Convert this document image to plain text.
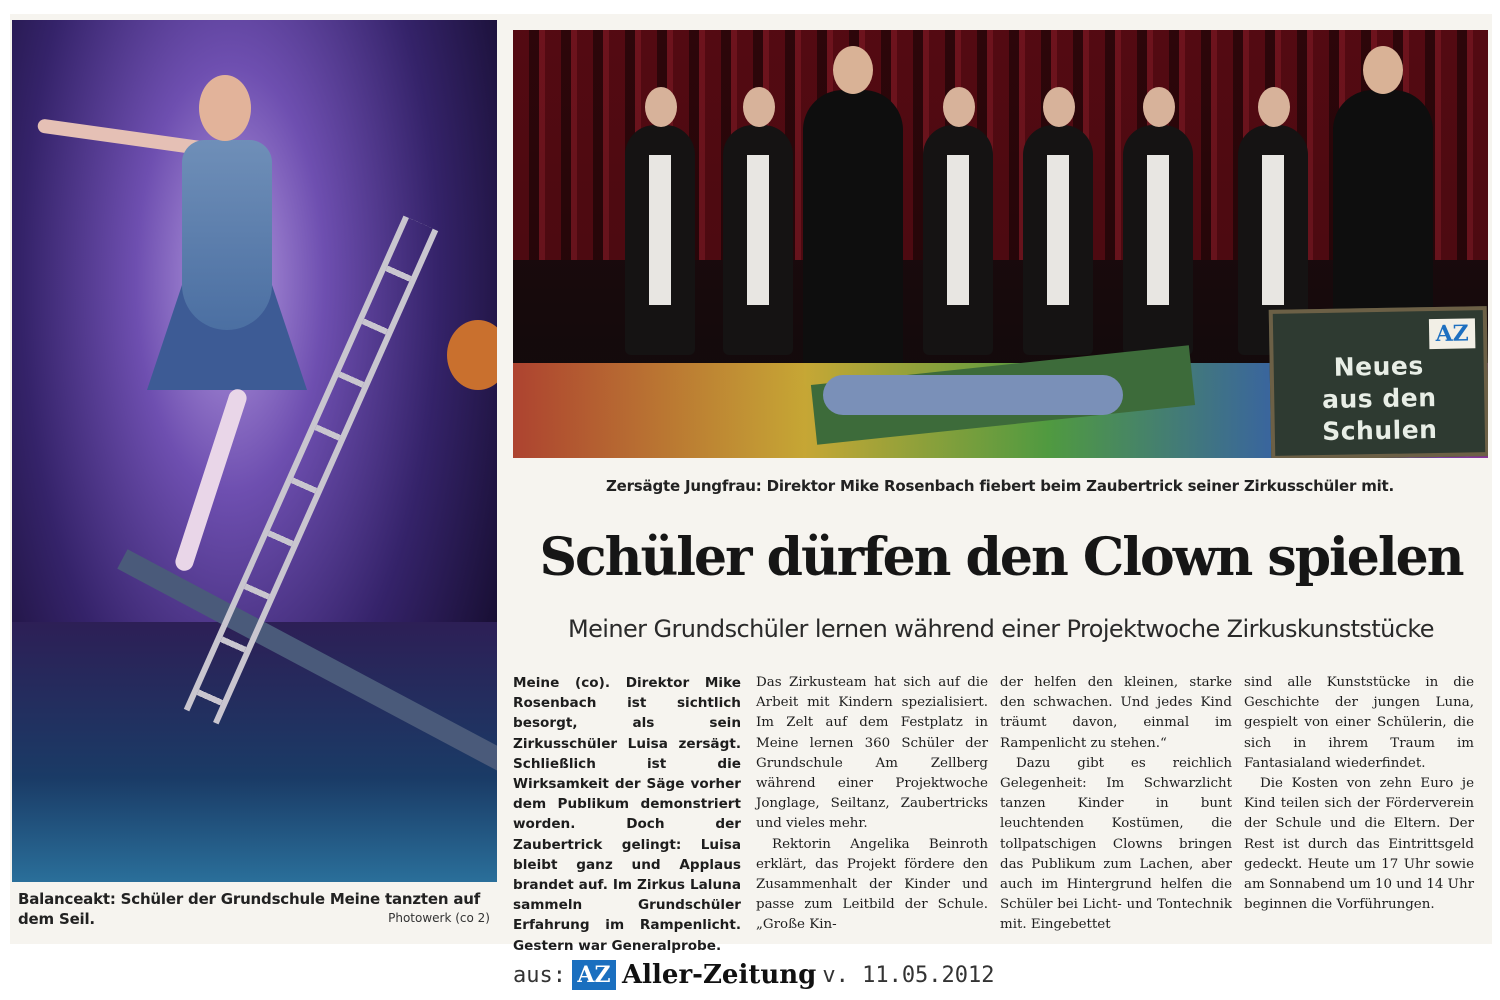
AZ
Neues
aus den
Schulen
Zersägte Jungfrau: Direktor Mike Rosenbach fiebert beim Zaubertrick seiner Zirkusschüler mit.
Balanceakt: Schüler der Grundschule Meine tanzten auf dem Seil.	Photowerk (co 2)
Schüler dürfen den Clown spielen
Meiner Grundschüler lernen während einer Projektwoche Zirkuskunststücke

Meine (co). Direktor Mike Rosenbach ist sichtlich besorgt, als sein Zirkusschüler Luisa zersägt. Schließlich ist die Wirksamkeit der Säge vorher dem Publikum demonstriert worden. Doch der Zaubertrick gelingt: Luisa bleibt ganz und Applaus brandet auf. Im Zirkus Laluna sammeln Grundschüler Erfahrung im Rampenlicht. Gestern war Generalprobe.

Das Zirkusteam hat sich auf die Arbeit mit Kindern spezialisiert. Im Zelt auf dem Festplatz in Meine lernen 360 Schüler der Grundschule Am Zellberg während einer Projektwoche Jonglage, Seiltanz, Zaubertricks und vieles mehr.

Rektorin Angelika Beinroth erklärt, das Projekt fördere den Zusammenhalt der Kinder und passe zum Leitbild der Schule. „Große Kin-

der helfen den kleinen, starke den schwachen. Und jedes Kind träumt davon, einmal im Rampenlicht zu stehen.“

Dazu gibt es reichlich Gelegenheit: Im Schwarzlicht tanzen Kinder in bunt leuchtenden Kostümen, die tollpatschigen Clowns bringen das Publikum zum Lachen, aber auch im Hintergrund helfen die Schüler bei Licht- und Tontechnik mit. Eingebettet

sind alle Kunststücke in die Geschichte der jungen Luna, gespielt von einer Schülerin, die sich in ihrem Traum im Fantasialand wiederfindet.

Die Kosten von zehn Euro je Kind teilen sich der Förderverein der Schule und die Eltern. Der Rest ist durch das Eintrittsgeld gedeckt. Heute um 17 Uhr sowie am Sonnabend um 10 und 14 Uhr beginnen die Vorführungen.

aus: AZ Aller-Zeitung v. 11.05.2012
